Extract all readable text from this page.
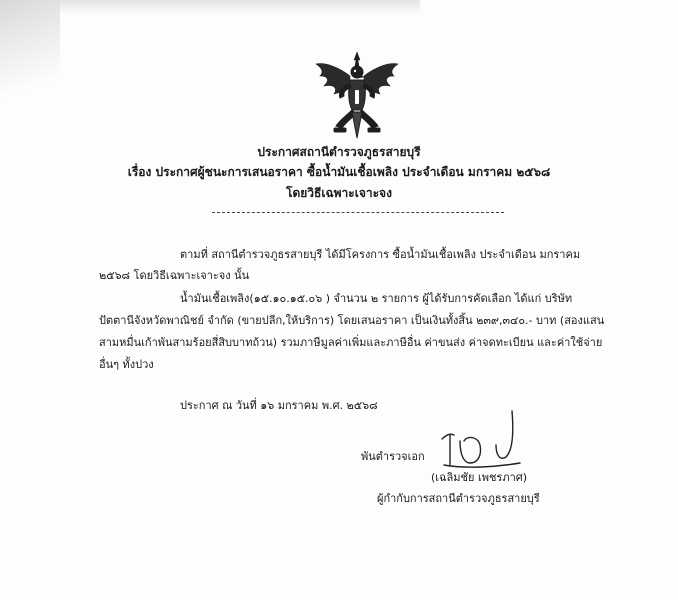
ประกาศสถานีตำรวจภูธรสายบุรี
เรื่อง ประกาศผู้ชนะการเสนอราคา ซื้อน้ำมันเชื้อเพลิง ประจำเดือน มกราคม ๒๕๖๘
โดยวิธีเฉพาะเจาะจง
ตามที่ สถานีตำรวจภูธรสายบุรี ได้มีโครงการ ซื้อน้ำมันเชื้อเพลิง ประจำเดือน มกราคม
๒๕๖๘ โดยวิธีเฉพาะเจาะจง นั้น
น้ำมันเชื้อเพลิง(๑๕.๑๐.๑๕.๐๖ ) จำนวน ๒ รายการ ผู้ได้รับการคัดเลือก ได้แก่ บริษัท
ปัตตานีจังหวัดพาณิชย์ จำกัด (ขายปลีก,ให้บริการ) โดยเสนอราคา เป็นเงินทั้งสิ้น ๒๓๙,๓๔๐.- บาท (สองแสน
สามหมื่นเก้าพันสามร้อยสี่สิบบาทถ้วน) รวมภาษีมูลค่าเพิ่มและภาษีอื่น ค่าขนส่ง ค่าจดทะเบียน และค่าใช้จ่าย
อื่นๆ ทั้งปวง
ประกาศ ณ วันที่ ๑๖ มกราคม พ.ศ. ๒๕๖๘
พันตำรวจเอก
(เฉลิมชัย เพชรภาศ)
ผู้กำกับการสถานีตำรวจภูธรสายบุรี
